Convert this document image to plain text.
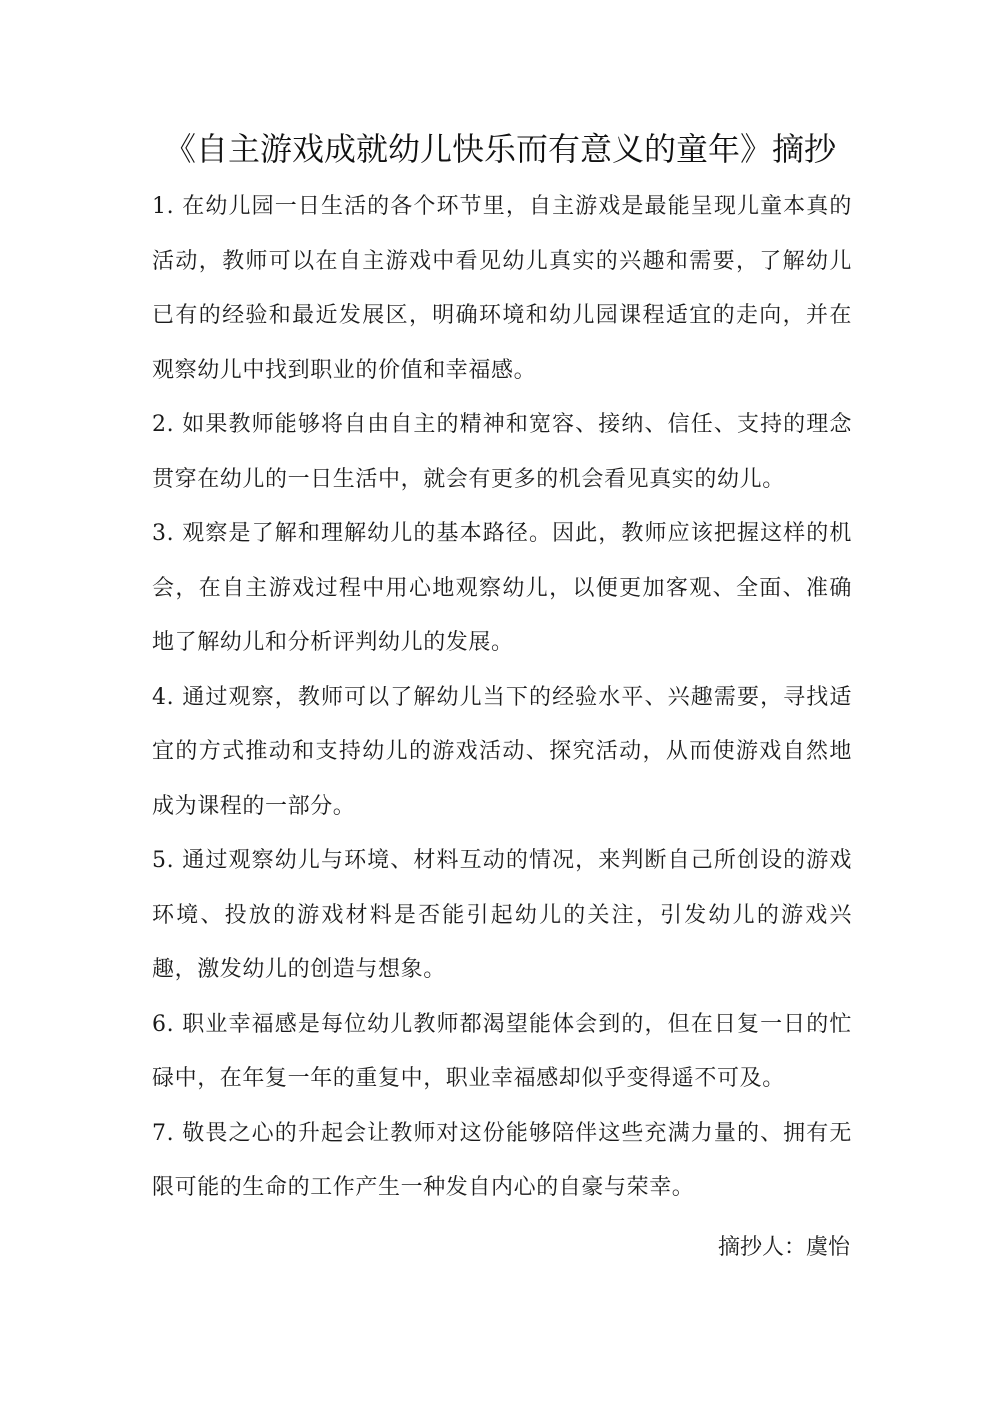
《自主游戏成就幼儿快乐而有意义的童年》摘抄

1. 在幼儿园一日生活的各个环节里，自主游戏是最能呈现儿童本真的活动，教师可以在自主游戏中看见幼儿真实的兴趣和需要，了解幼儿已有的经验和最近发展区，明确环境和幼儿园课程适宜的走向，并在观察幼儿中找到职业的价值和幸福感。

2. 如果教师能够将自由自主的精神和宽容、接纳、信任、支持的理念贯穿在幼儿的一日生活中，就会有更多的机会看见真实的幼儿。

3. 观察是了解和理解幼儿的基本路径。因此，教师应该把握这样的机会，在自主游戏过程中用心地观察幼儿，以便更加客观、全面、准确地了解幼儿和分析评判幼儿的发展。

4. 通过观察，教师可以了解幼儿当下的经验水平、兴趣需要，寻找适宜的方式推动和支持幼儿的游戏活动、探究活动，从而使游戏自然地成为课程的一部分。

5. 通过观察幼儿与环境、材料互动的情况，来判断自己所创设的游戏环境、投放的游戏材料是否能引起幼儿的关注，引发幼儿的游戏兴趣，激发幼儿的创造与想象。

6. 职业幸福感是每位幼儿教师都渴望能体会到的，但在日复一日的忙碌中，在年复一年的重复中，职业幸福感却似乎变得遥不可及。

7. 敬畏之心的升起会让教师对这份能够陪伴这些充满力量的、拥有无限可能的生命的工作产生一种发自内心的自豪与荣幸。

摘抄人：虞怡
